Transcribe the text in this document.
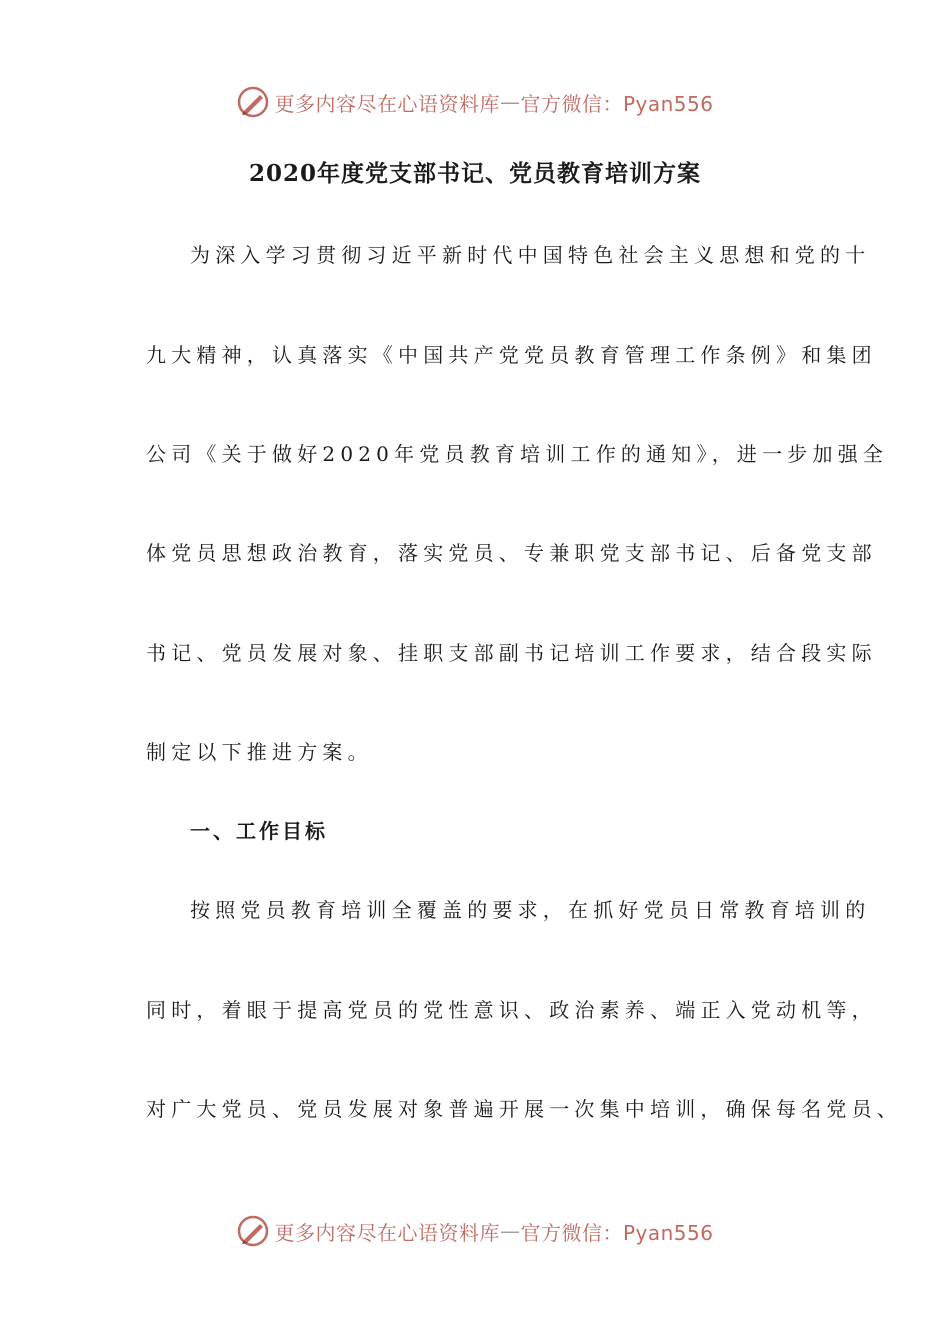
更多内容尽在心语资料库 — 官方微信：Pyan556
2020年度党支部书记、党员教育培训方案
为深入学习贯彻习近平新时代中国特色社会主义思想和党的十
九大精神，认真落实《中国共产党党员教育管理工作条例》和集团
公司《关于做好2020年党员教育培训工作的通知》，进一步加强全
体党员思想政治教育，落实党员、专兼职党支部书记、后备党支部
书记、党员发展对象、挂职支部副书记培训工作要求，结合段实际
制定以下推进方案。
一、工作目标
按照党员教育培训全覆盖的要求，在抓好党员日常教育培训的
同时，着眼于提高党员的党性意识、政治素养、端正入党动机等，
对广大党员、党员发展对象普遍开展一次集中培训，确保每名党员、
更多内容尽在心语资料库 — 官方微信：Pyan556
